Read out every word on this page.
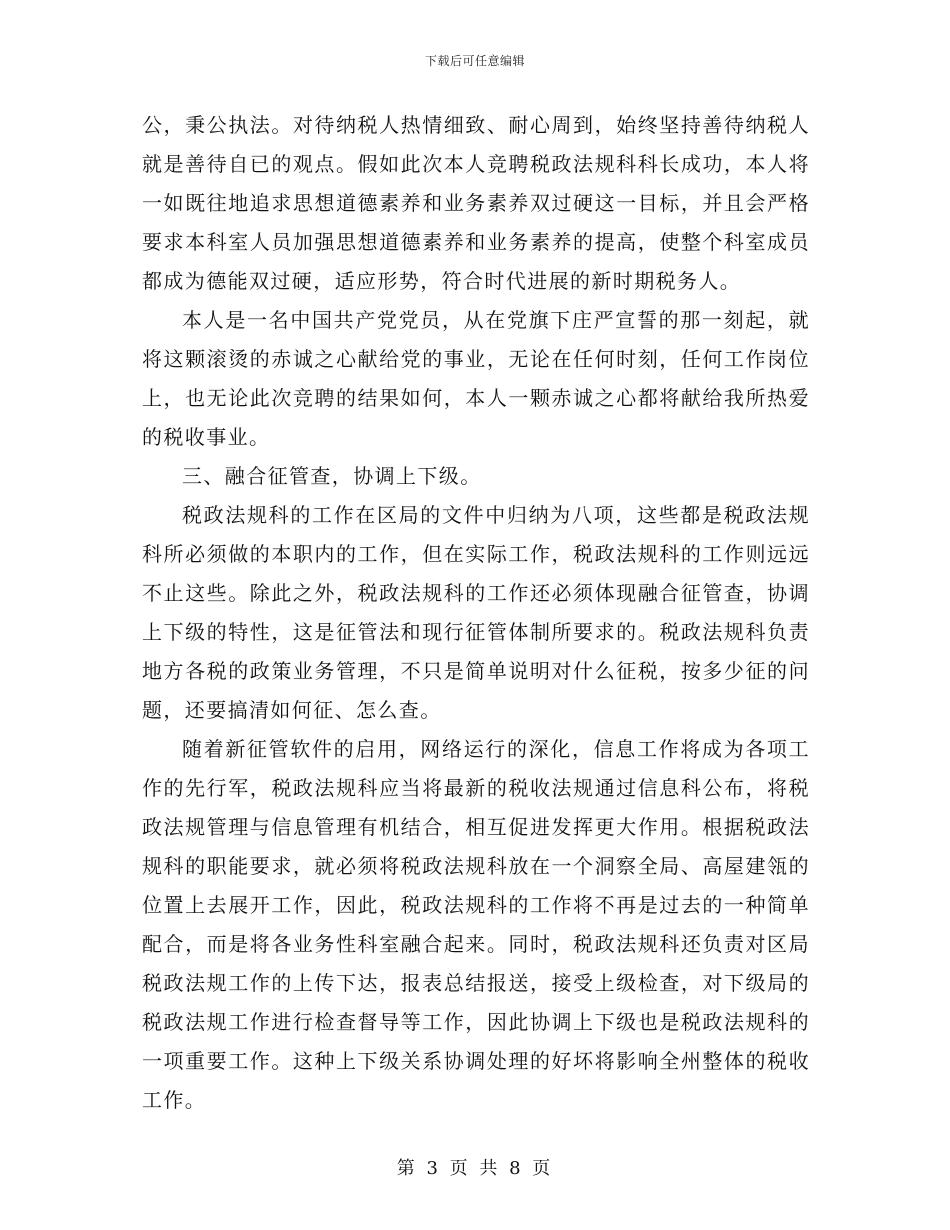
下载后可任意编辑

公，秉公执法。对待纳税人热情细致、耐心周到，始终坚持善待纳税人就是善待自已的观点。假如此次本人竞聘税政法规科科长成功，本人将一如既往地追求思想道德素养和业务素养双过硬这一目标，并且会严格要求本科室人员加强思想道德素养和业务素养的提高，使整个科室成员都成为德能双过硬，适应形势，符合时代进展的新时期税务人。

本人是一名中国共产党党员，从在党旗下庄严宣誓的那一刻起，就将这颗滚烫的赤诚之心献给党的事业，无论在任何时刻，任何工作岗位上，也无论此次竞聘的结果如何，本人一颗赤诚之心都将献给我所热爱的税收事业。

三、融合征管查，协调上下级。

税政法规科的工作在区局的文件中归纳为八项，这些都是税政法规科所必须做的本职内的工作，但在实际工作，税政法规科的工作则远远不止这些。除此之外，税政法规科的工作还必须体现融合征管查，协调上下级的特性，这是征管法和现行征管体制所要求的。税政法规科负责地方各税的政策业务管理，不只是简单说明对什么征税，按多少征的问题，还要搞清如何征、怎么查。

随着新征管软件的启用，网络运行的深化，信息工作将成为各项工作的先行军，税政法规科应当将最新的税收法规通过信息科公布，将税政法规管理与信息管理有机结合，相互促进发挥更大作用。根据税政法规科的职能要求，就必须将税政法规科放在一个洞察全局、高屋建瓴的位置上去展开工作，因此，税政法规科的工作将不再是过去的一种简单配合，而是将各业务性科室融合起来。同时，税政法规科还负责对区局税政法规工作的上传下达，报表总结报送，接受上级检查，对下级局的税政法规工作进行检查督导等工作，因此协调上下级也是税政法规科的一项重要工作。这种上下级关系协调处理的好坏将影响全州整体的税收工作。

第 3 页 共 8 页
